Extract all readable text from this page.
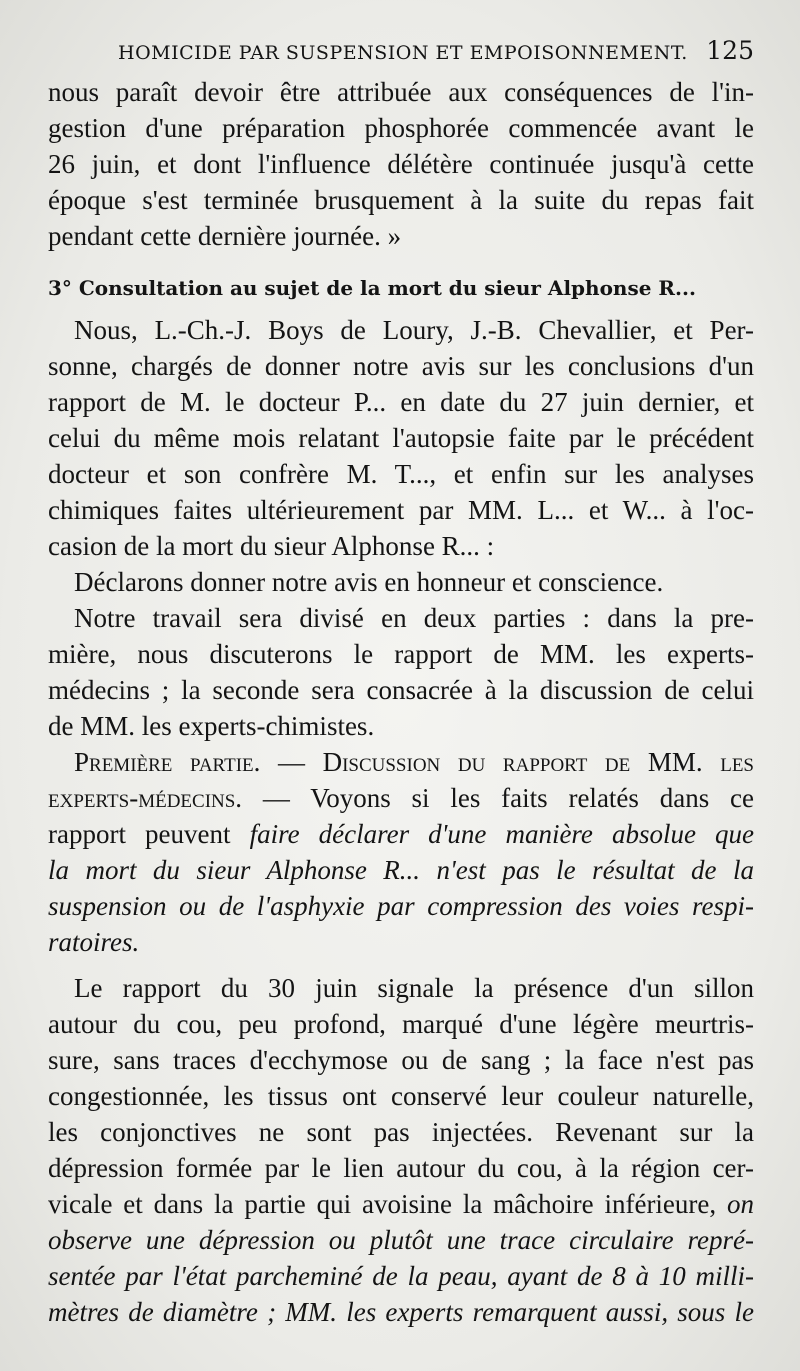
HOMICIDE PAR SUSPENSION ET EMPOISONNEMENT. 125
nous paraît devoir être attribuée aux conséquences de l'in-
gestion d'une préparation phosphorée commencée avant le
26 juin, et dont l'influence délétère continuée jusqu'à cette
époque s'est terminée brusquement à la suite du repas fait
pendant cette dernière journée. »
3° Consultation au sujet de la mort du sieur Alphonse R...
Nous, L.-Ch.-J. Boys de Loury, J.-B. Chevallier, et Per-
sonne, chargés de donner notre avis sur les conclusions d'un
rapport de M. le docteur P... en date du 27 juin dernier, et
celui du même mois relatant l'autopsie faite par le précédent
docteur et son confrère M. T..., et enfin sur les analyses
chimiques faites ultérieurement par MM. L... et W... à l'oc-
casion de la mort du sieur Alphonse R... :
Déclarons donner notre avis en honneur et conscience.
Notre travail sera divisé en deux parties : dans la pre-
mière, nous discuterons le rapport de MM. les experts-
médecins ; la seconde sera consacrée à la discussion de celui
de MM. les experts-chimistes.
Première partie. — Discussion du rapport de MM. les
experts-médecins. — Voyons si les faits relatés dans ce
rapport peuvent faire déclarer d'une manière absolue que
la mort du sieur Alphonse R... n'est pas le résultat de la
suspension ou de l'asphyxie par compression des voies respi-
ratoires.
Le rapport du 30 juin signale la présence d'un sillon
autour du cou, peu profond, marqué d'une légère meurtris-
sure, sans traces d'ecchymose ou de sang ; la face n'est pas
congestionnée, les tissus ont conservé leur couleur naturelle,
les conjonctives ne sont pas injectées. Revenant sur la
dépression formée par le lien autour du cou, à la région cer-
vicale et dans la partie qui avoisine la mâchoire inférieure, on
observe une dépression ou plutôt une trace circulaire repré-
sentée par l'état parcheminé de la peau, ayant de 8 à 10 milli-
mètres de diamètre ; MM. les experts remarquent aussi, sous le
